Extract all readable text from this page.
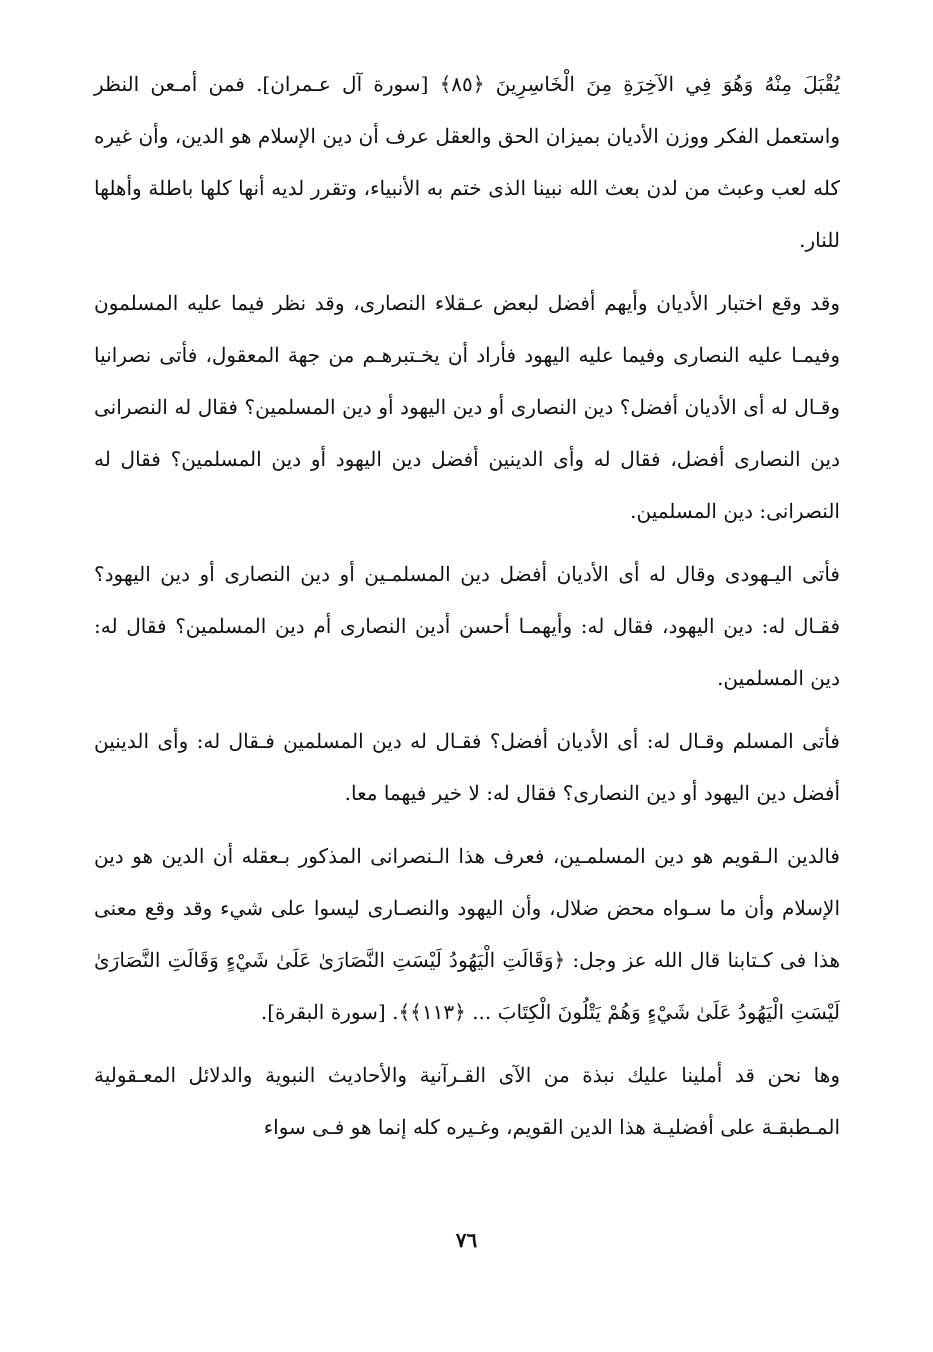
يُقْبَلَ مِنْهُ وَهُوَ فِي الآخِرَةِ مِنَ الْخَاسِرِينَ ﴿٨٥﴾ [سورة آل عـمران]. فمن أمـعن النظر واستعمل الفكر ووزن الأديان بميزان الحق والعقل عرف أن دين الإسلام هو الدين، وأن غيره كله لعب وعبث من لدن بعث الله نبينا الذى ختم به الأنبياء، وتقرر لديه أنها كلها باطلة وأهلها للنار.

وقد وقع اختبار الأديان وأيهم أفضل لبعض عـقلاء النصارى، وقد نظر فيما عليه المسلمون وفيمـا عليه النصارى وفيما عليه اليهود فأراد أن يخـتبرهـم من جهة المعقول، فأتى نصرانيا وقـال له أى الأديان أفضل؟ دين النصارى أو دين اليهود أو دين المسلمين؟ فقال له النصرانى دين النصارى أفضل، فقال له وأى الدينين أفضل دين اليهود أو دين المسلمين؟ فقال له النصرانى: دين المسلمين.

فأتى اليـهودى وقال له أى الأديان أفضل دين المسلمـين أو دين النصارى أو دين اليهود؟ فقـال له: دين اليهود، فقال له: وأيهمـا أحسن أدين النصارى أم دين المسلمين؟ فقال له: دين المسلمين.

فأتى المسلم وقـال له: أى الأديان أفضل؟ فقـال له دين المسلمين فـقال له: وأى الدينين أفضل دين اليهود أو دين النصارى؟ فقال له: لا خير فيهما معا.

فالدين الـقويم هو دين المسلمـين، فعرف هذا الـنصرانى المذكور بـعقله أن الدين هو دين الإسلام وأن ما سـواه محض ضلال، وأن اليهود والنصـارى ليسوا على شيء وقد وقع معنى هذا فى كـتابنا قال الله عز وجل: ﴿وَقَالَتِ الْيَهُودُ لَيْسَتِ النَّصَارَىٰ عَلَىٰ شَيْءٍ وَقَالَتِ النَّصَارَىٰ لَيْسَتِ الْيَهُودُ عَلَىٰ شَيْءٍ وَهُمْ يَتْلُونَ الْكِتَابَ ... ﴿١١٣﴾﴾. [سورة البقرة].

وها نحن قد أملينا عليك نبذة من الآى القـرآنية والأحاديث النبوية والدلائل المعـقولية المـطبقـة على أفضليـة هذا الدين القويم، وغـيره كله إنما هو فـى سواء

٧٦
